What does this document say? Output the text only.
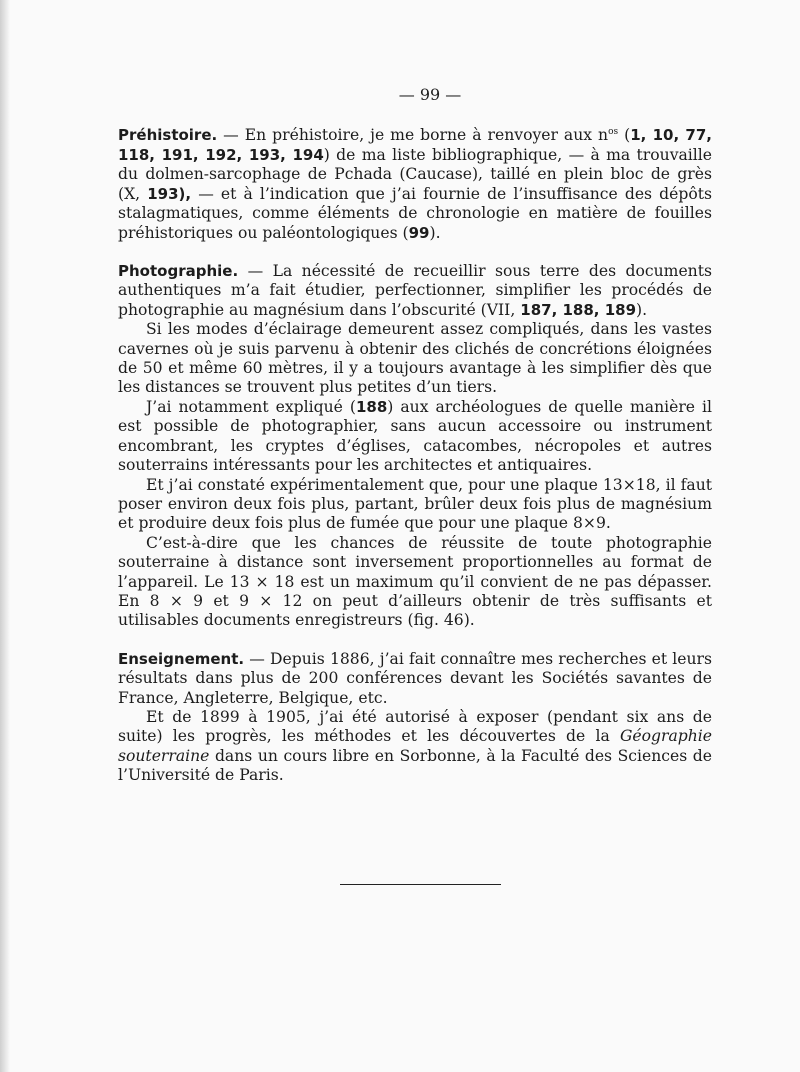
— 99 —

Préhistoire. — En préhistoire, je me borne à renvoyer aux $n^{os}$ (1, 10, 77, 118, 191, 192, 193, 194) de ma liste bibliographique, — à ma trouvaille du dolmen-sarcophage de Pchada (Caucase), taillé en plein bloc de grès (X, 193), — et à l’indication que j’ai fournie de l’insuffisance des dépôts stalagmatiques, comme éléments de chronologie en matière de fouilles préhistoriques ou paléontologiques (99).

Photographie. — La nécessité de recueillir sous terre des documents authentiques m’a fait étudier, perfectionner, simplifier les procédés de photographie au magnésium dans l’obscurité (VII, 187, 188, 189).

Si les modes d’éclairage demeurent assez compliqués, dans les vastes cavernes où je suis parvenu à obtenir des clichés de concrétions éloignées de 50 et même 60 mètres, il y a toujours avantage à les simplifier dès que les distances se trouvent plus petites d’un tiers.

J’ai notamment expliqué (188) aux archéologues de quelle manière il est possible de photographier, sans aucun accessoire ou instrument encombrant, les cryptes d’églises, catacombes, nécropoles et autres souterrains intéressants pour les architectes et antiquaires.

Et j’ai constaté expérimentalement que, pour une plaque 13×18, il faut poser environ deux fois plus, partant, brûler deux fois plus de magnésium et produire deux fois plus de fumée que pour une plaque 8×9.

C’est-à-dire que les chances de réussite de toute photographie souterraine à distance sont inversement proportionnelles au format de l’appareil. Le 13 × 18 est un maximum qu’il convient de ne pas dépasser. En 8 × 9 et 9 × 12 on peut d’ailleurs obtenir de très suffisants et utilisables documents enregistreurs (fig. 46).

Enseignement. — Depuis 1886, j’ai fait connaître mes recherches et leurs résultats dans plus de 200 conférences devant les Sociétés savantes de France, Angleterre, Belgique, etc.

Et de 1899 à 1905, j’ai été autorisé à exposer (pendant six ans de suite) les progrès, les méthodes et les découvertes de la Géographie souterraine dans un cours libre en Sorbonne, à la Faculté des Sciences de l’Université de Paris.
